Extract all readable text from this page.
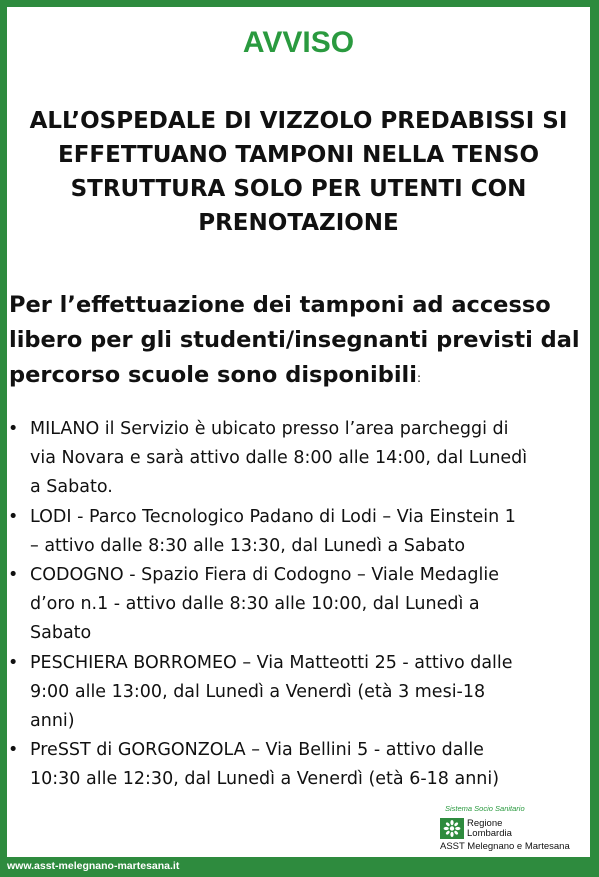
AVVISO
ALL’OSPEDALE DI VIZZOLO PREDABISSI SI
EFFETTUANO TAMPONI NELLA TENSO
STRUTTURA SOLO PER UTENTI CON
PRENOTAZIONE
Per l’effettuazione dei tamponi ad accesso
libero per gli studenti/insegnanti previsti dal
percorso scuole sono disponibili:
• MILANO il Servizio è ubicato presso l’area parcheggi di
via Novara e sarà attivo dalle 8:00 alle 14:00, dal Lunedì
a Sabato.
• LODI - Parco Tecnologico Padano di Lodi – Via Einstein 1
– attivo dalle 8:30 alle 13:30, dal Lunedì a Sabato
• CODOGNO - Spazio Fiera di Codogno – Viale Medaglie
d’oro n.1 - attivo dalle 8:30 alle 10:00, dal Lunedì a
Sabato
• PESCHIERA BORROMEO – Via Matteotti 25 - attivo dalle
9:00 alle 13:00, dal Lunedì a Venerdì (età 3 mesi-18
anni)
• PreSST di GORGONZOLA – Via Bellini 5 - attivo dalle
10:30 alle 12:30, dal Lunedì a Venerdì (età 6-18 anni)
Sistema Socio Sanitario
Regione
Lombardia
ASST Melegnano e Martesana
www.asst-melegnano-martesana.it
